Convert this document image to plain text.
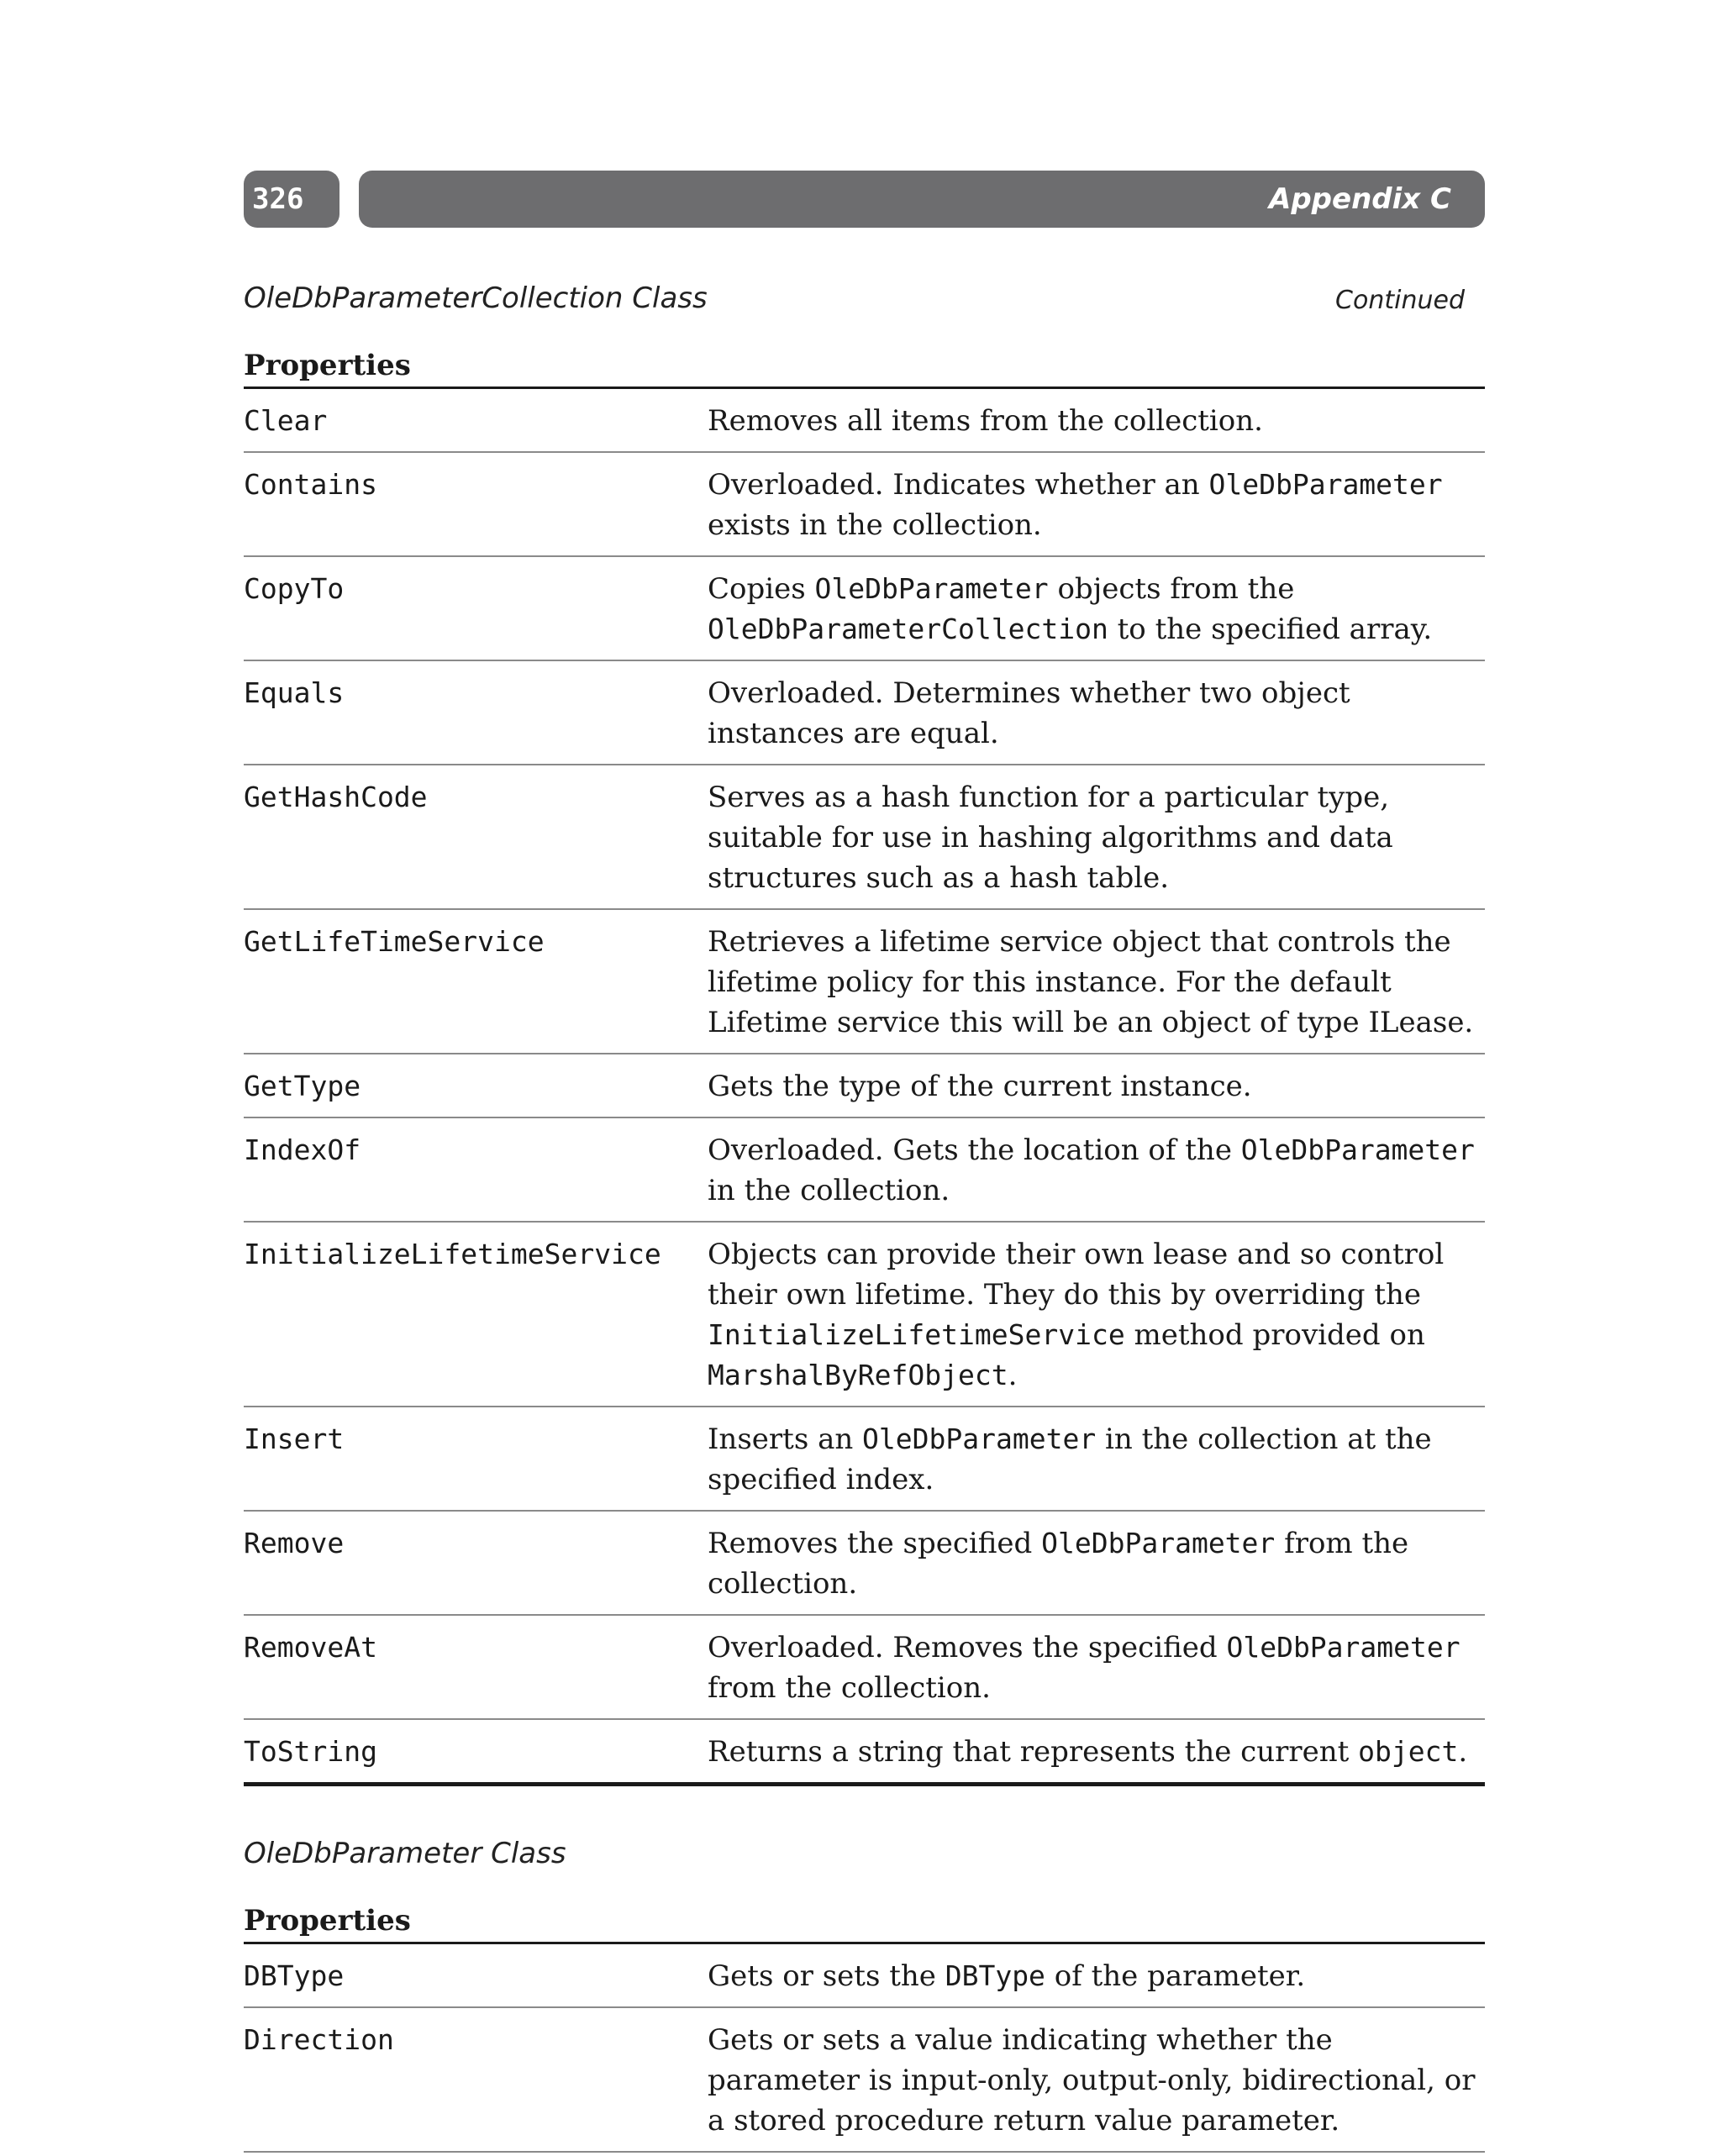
326	Appendix C
OleDbParameterCollection Class	Continued
Properties
Clear	Removes all items from the collection.
Contains	Overloaded. Indicates whether an OleDbParameter exists in the collection.
CopyTo	Copies OleDbParameter objects from the OleDbParameterCollection to the specified array.
Equals	Overloaded. Determines whether two object instances are equal.
GetHashCode	Serves as a hash function for a particular type, suitable for use in hashing algorithms and data structures such as a hash table.
GetLifeTimeService	Retrieves a lifetime service object that controls the lifetime policy for this instance. For the default Lifetime service this will be an object of type ILease.
GetType	Gets the type of the current instance.
IndexOf	Overloaded. Gets the location of the OleDbParameter in the collection.
InitializeLifetimeService	Objects can provide their own lease and so control their own lifetime. They do this by overriding the InitializeLifetimeService method provided on MarshalByRefObject.
Insert	Inserts an OleDbParameter in the collection at the specified index.
Remove	Removes the specified OleDbParameter from the collection.
RemoveAt	Overloaded. Removes the specified OleDbParameter from the collection.
ToString	Returns a string that represents the current object.
OleDbParameter Class
Properties
DBType	Gets or sets the DBType of the parameter.
Direction	Gets or sets a value indicating whether the parameter is input-only, output-only, bidirectional, or a stored procedure return value parameter.
